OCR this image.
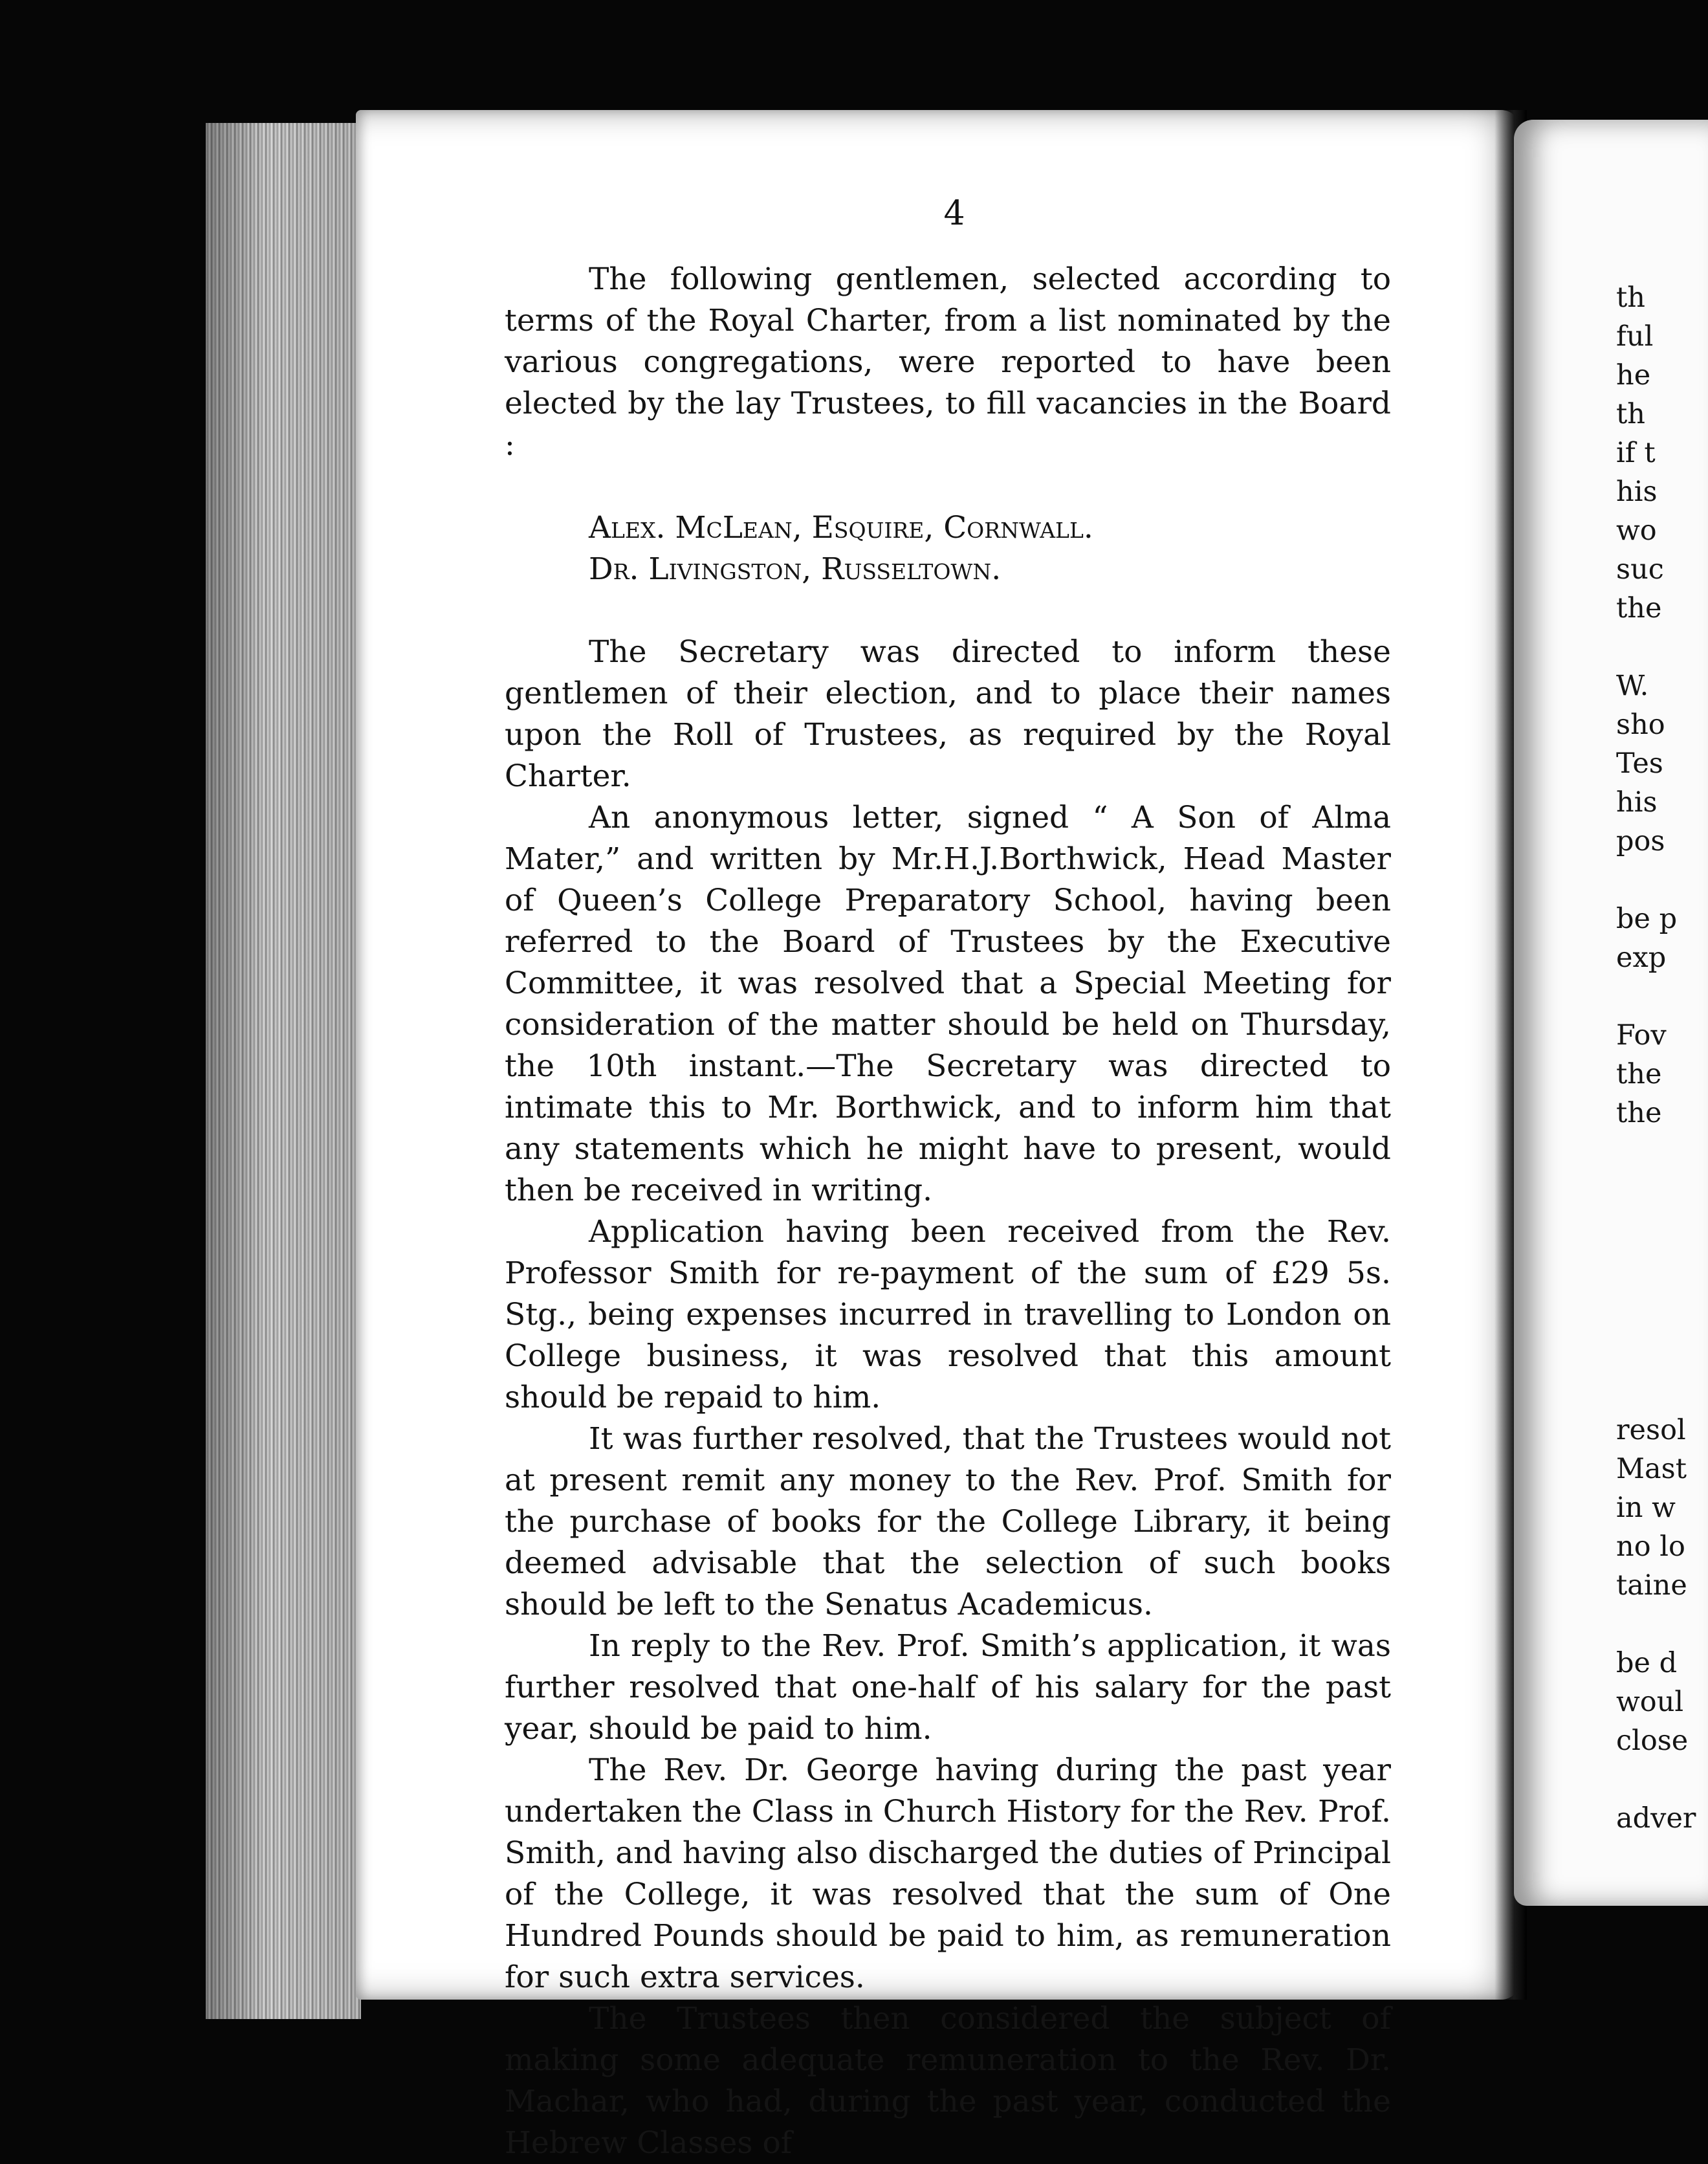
4

The following gentlemen, selected according to terms of the Royal Charter, from a list nominated by the various congregations, were reported to have been elected by the lay Trustees, to fill vacancies in the Board :

Alex. McLean, Esquire, Cornwall.
Dr. Livingston, Russeltown.

The Secretary was directed to inform these gentlemen of their election, and to place their names upon the Roll of Trustees, as required by the Royal Charter.

An anonymous letter, signed “ A Son of Alma Mater,” and written by Mr.H.J.Borthwick, Head Master of Queen’s College Preparatory School, having been referred to the Board of Trustees by the Executive Committee, it was resolved that a Special Meeting for consideration of the matter should be held on Thursday, the 10th instant.—The Secretary was directed to intimate this to Mr. Borthwick, and to inform him that any statements which he might have to present, would then be received in writing.

Application having been received from the Rev. Professor Smith for re-payment of the sum of £29 5s. Stg., being expenses incurred in travelling to London on College business, it was resolved that this amount should be repaid to him.

It was further resolved, that the Trustees would not at present remit any money to the Rev. Prof. Smith for the purchase of books for the College Library, it being deemed advisable that the selection of such books should be left to the Senatus Academicus.

In reply to the Rev. Prof. Smith’s application, it was further resolved that one-half of his salary for the past year, should be paid to him.

The Rev. Dr. George having during the past year undertaken the Class in Church History for the Rev. Prof. Smith, and having also discharged the duties of Principal of the College, it was resolved that the sum of One Hundred Pounds should be paid to him, as remuneration for such extra services.

The Trustees then considered the subject of making some adequate remuneration to the Rev. Dr. Machar, who had, during the past year, conducted the Hebrew Classes of

th
ful
he
th
if t
his
wo
suc
the

W.
sho
Tes
his
pos

be p
exp

Fov
the
the
resol
Mast
in w
no lo
taine

be d
woul
close

adver
